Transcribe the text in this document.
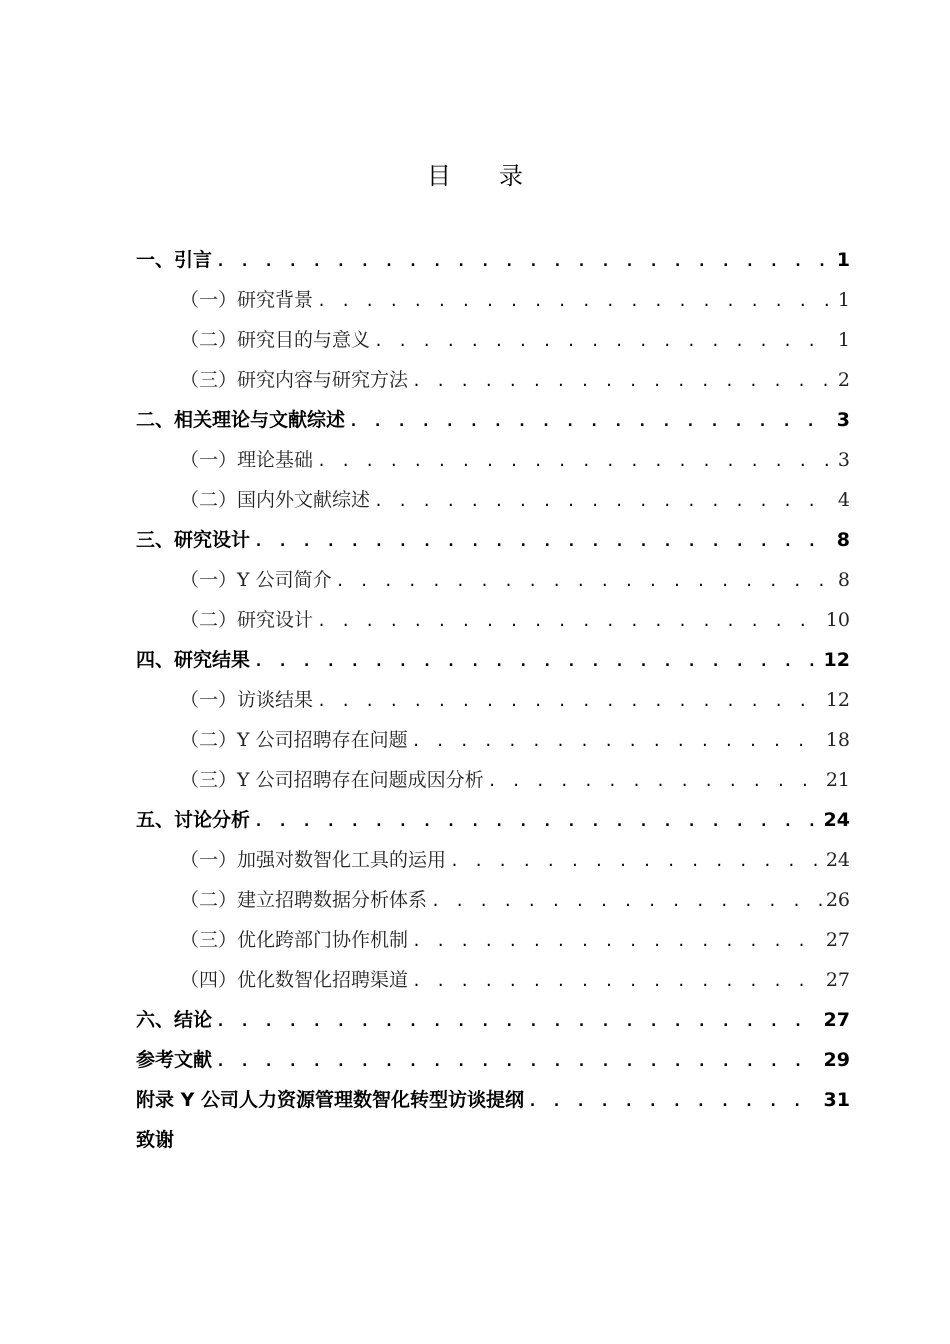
目 录
一、引言 . . .	1
（一）研究背景 . . .	1
（二）研究目的与意义 . . .	1
（三）研究内容与研究方法 . . .	2
二、相关理论与文献综述 . . .	3
（一）理论基础 . . .	3
（二）国内外文献综述 . . .	4
三、研究设计 . . .	8
（一）Y 公司简介 . . .	8
（二）研究设计 . . .	10
四、研究结果 . . .	12
（一）访谈结果 . . .	12
（二）Y 公司招聘存在问题 . . .	18
（三）Y 公司招聘存在问题成因分析 . . .	21
五、讨论分析 . . .	24
（一）加强对数智化工具的运用 . . .	24
（二）建立招聘数据分析体系 . . .	26
（三）优化跨部门协作机制 . . .	27
（四）优化数智化招聘渠道 . . .	27
六、结论 . . .	27
参考文献 . . .	29
附录 Y 公司人力资源管理数智化转型访谈提纲 . . .	31
致谢
